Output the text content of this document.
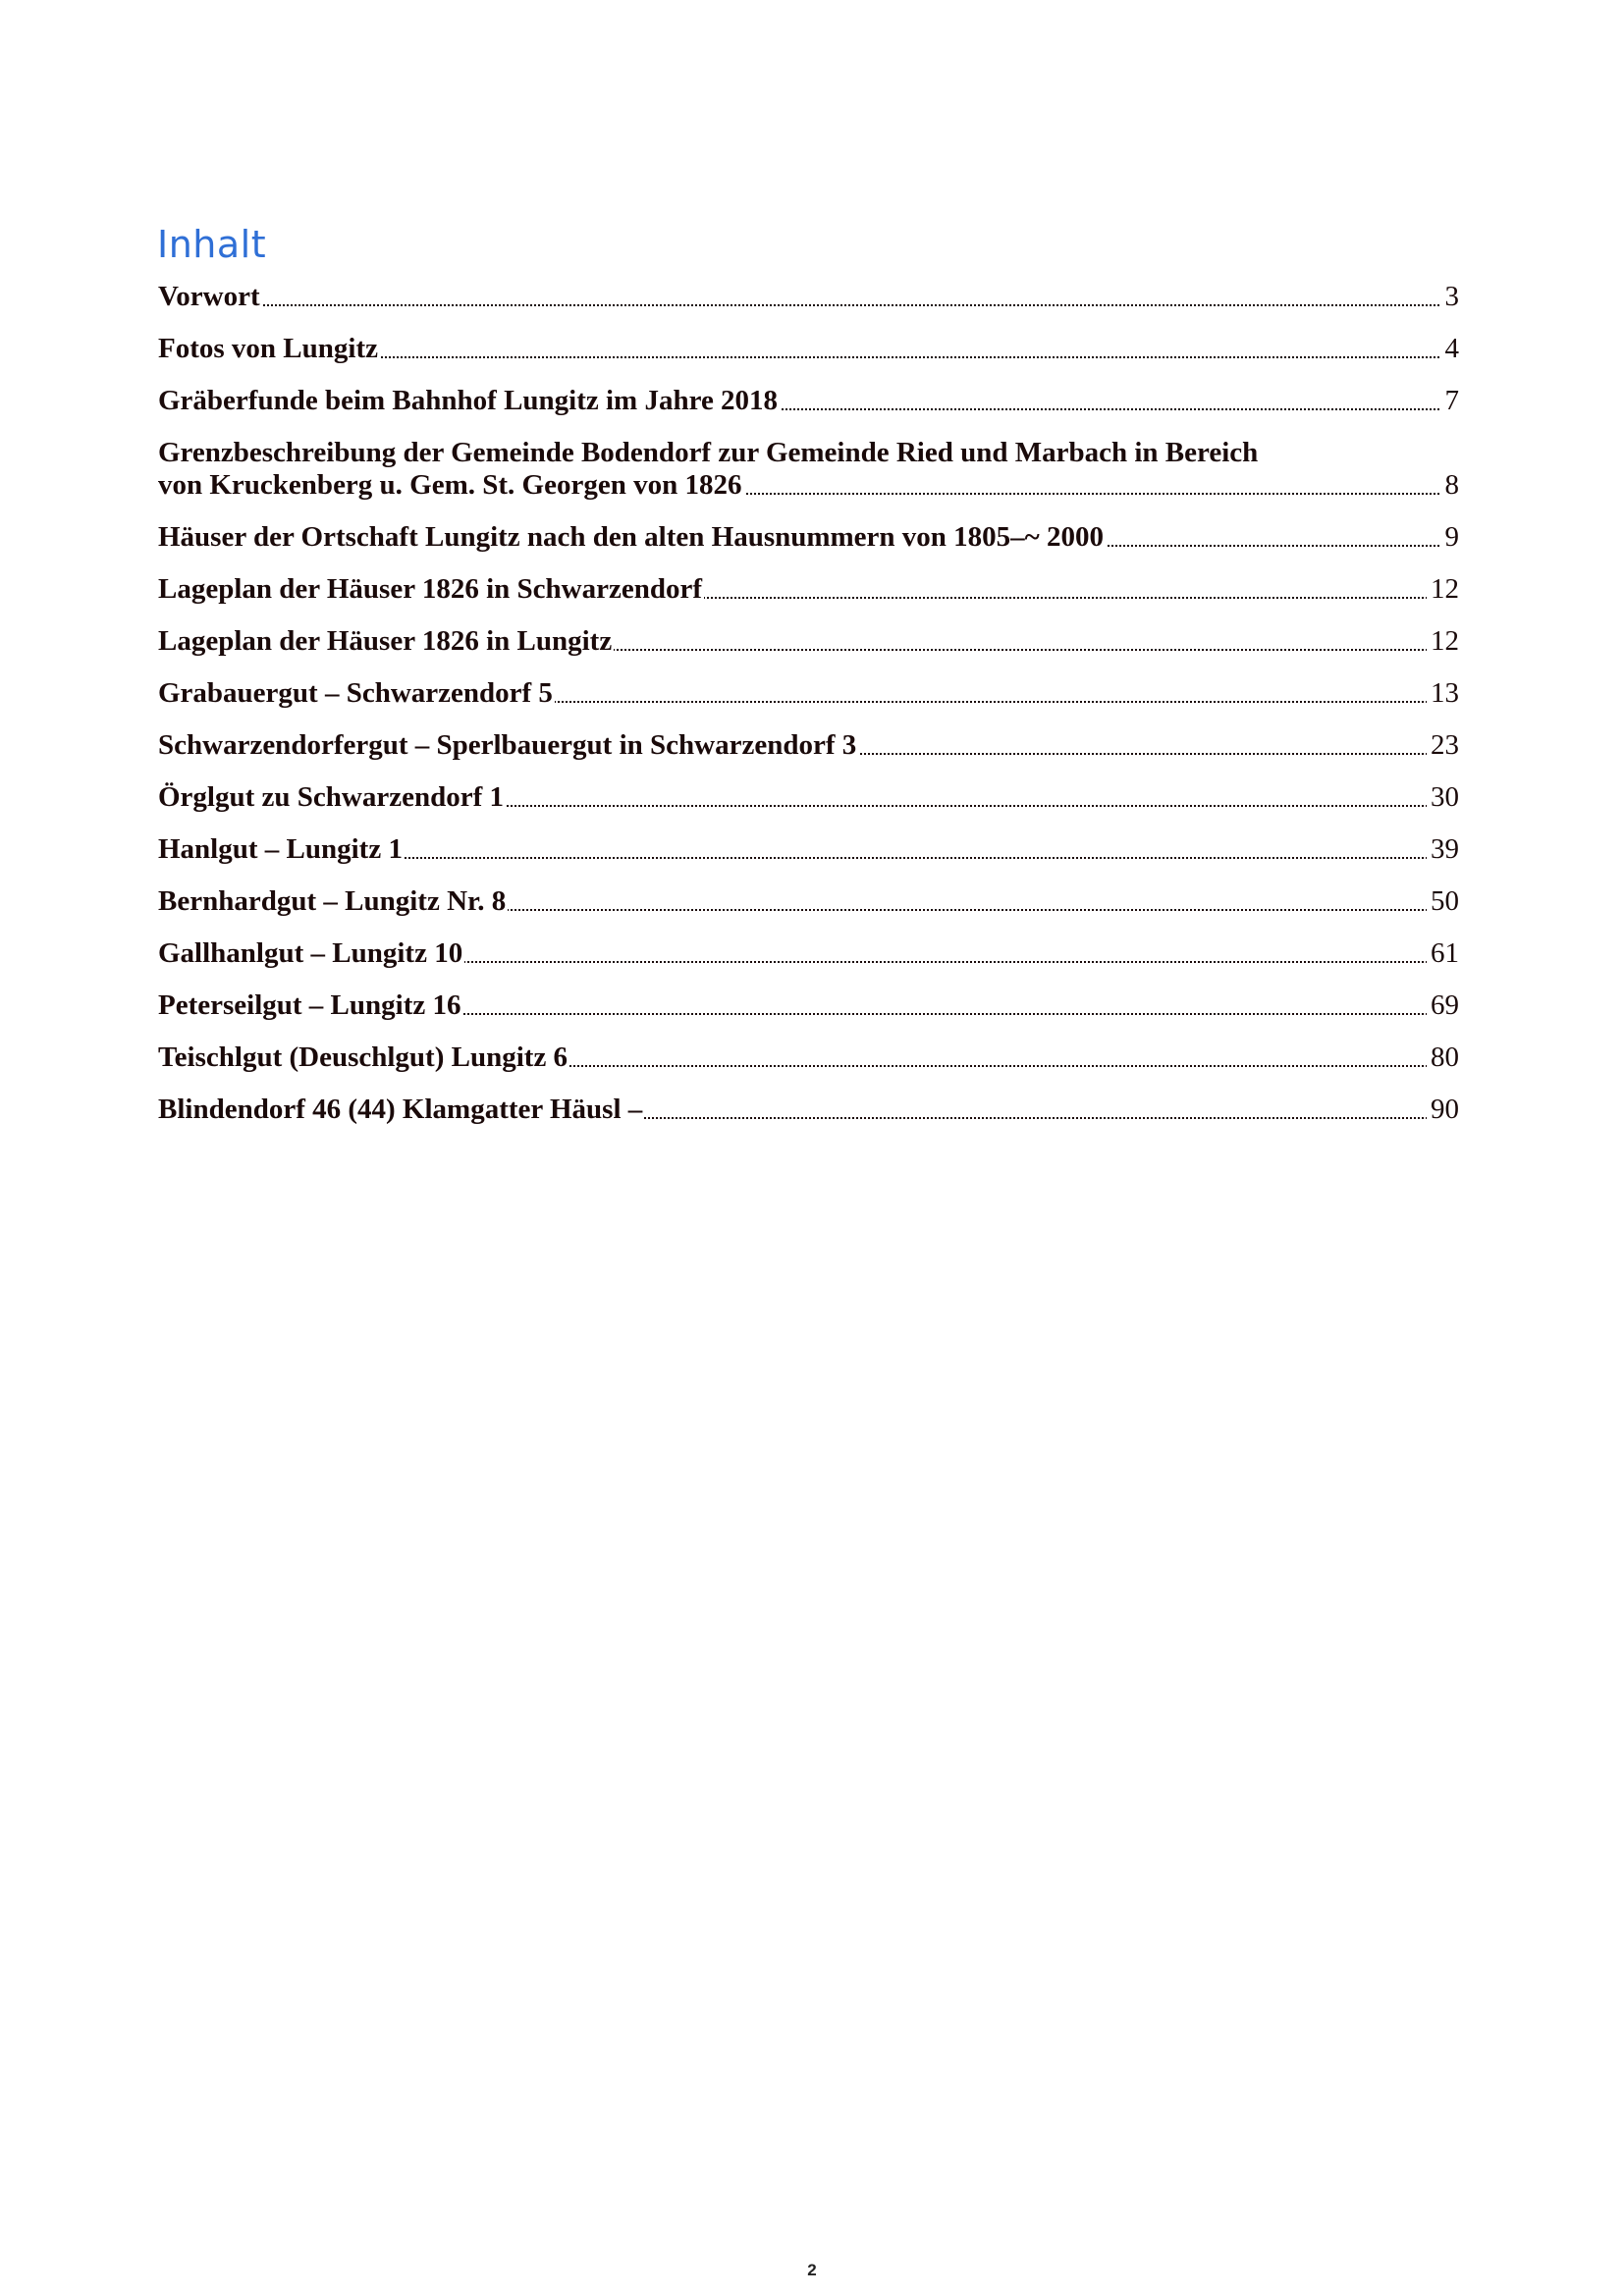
Inhalt
Vorwort	3
Fotos von Lungitz	4
Gräberfunde beim Bahnhof Lungitz im Jahre 2018	7
Grenzbeschreibung der Gemeinde Bodendorf zur Gemeinde Ried und Marbach in Bereich
von Kruckenberg u. Gem. St. Georgen von 1826	8
Häuser der Ortschaft Lungitz nach den alten Hausnummern von 1805–~ 2000	9
Lageplan der Häuser 1826 in Schwarzendorf	12
Lageplan der Häuser 1826 in Lungitz	12
Grabauergut – Schwarzendorf 5	13
Schwarzendorfergut – Sperlbauergut in Schwarzendorf 3	23
Örglgut zu Schwarzendorf 1	30
Hanlgut – Lungitz 1	39
Bernhardgut – Lungitz Nr. 8	50
Gallhanlgut – Lungitz 10	61
Peterseilgut – Lungitz 16	69
Teischlgut (Deuschlgut) Lungitz 6	80
Blindendorf 46 (44) Klamgatter Häusl –	90
2
